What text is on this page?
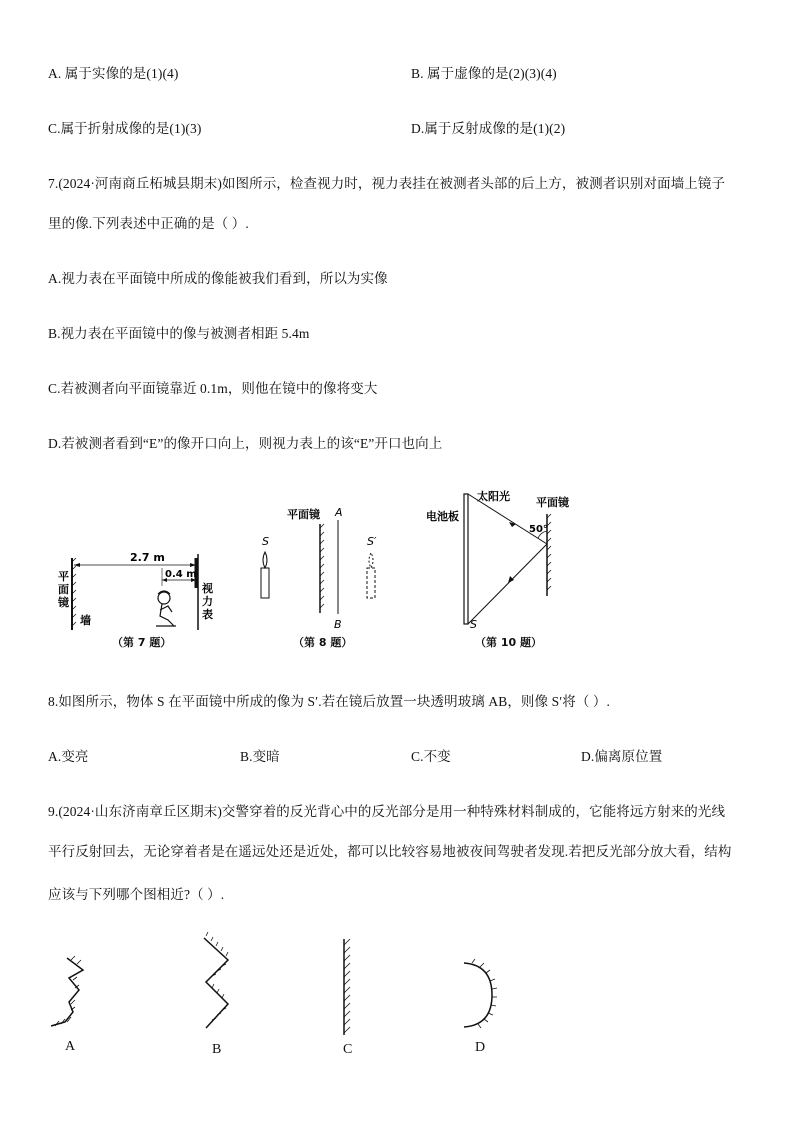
A. 属于实像的是(1)(4)	B. 属于虚像的是(2)(3)(4)
C.属于折射成像的是(1)(3)	D.属于反射成像的是(1)(2)
7.(2024·河南商丘柘城县期末)如图所示，检查视力时，视力表挂在被测者头部的后上方，被测者识别对面墙上镜子
里的像.下列表述中正确的是（ ）.
A.视力表在平面镜中所成的像能被我们看到，所以为实像
B.视力表在平面镜中的像与被测者相距 5.4m
C.若被测者向平面镜靠近 0.1m，则他在镜中的像将变大
D.若被测者看到“E”的像开口向上，则视力表上的该“E”开口也向上
2.7 m
0.4 m
平面镜
视力表
墙
（第 7 题）
平面镜 A
B
S	S′
（第 8 题）
太阳光 平面镜
电池板
50°
S
（第 10 题）
8.如图所示，物体 S 在平面镜中所成的像为 S′.若在镜后放置一块透明玻璃 AB，则像 S′将（ ）.
A.变亮	B.变暗	C.不变	D.偏离原位置
9.(2024·山东济南章丘区期末)交警穿着的反光背心中的反光部分是用一种特殊材料制成的，它能将远方射来的光线
平行反射回去，无论穿着者是在遥远处还是近处，都可以比较容易地被夜间驾驶者发现.若把反光部分放大看，结构
应该与下列哪个图相近?（ ）.
A	B	C	D
